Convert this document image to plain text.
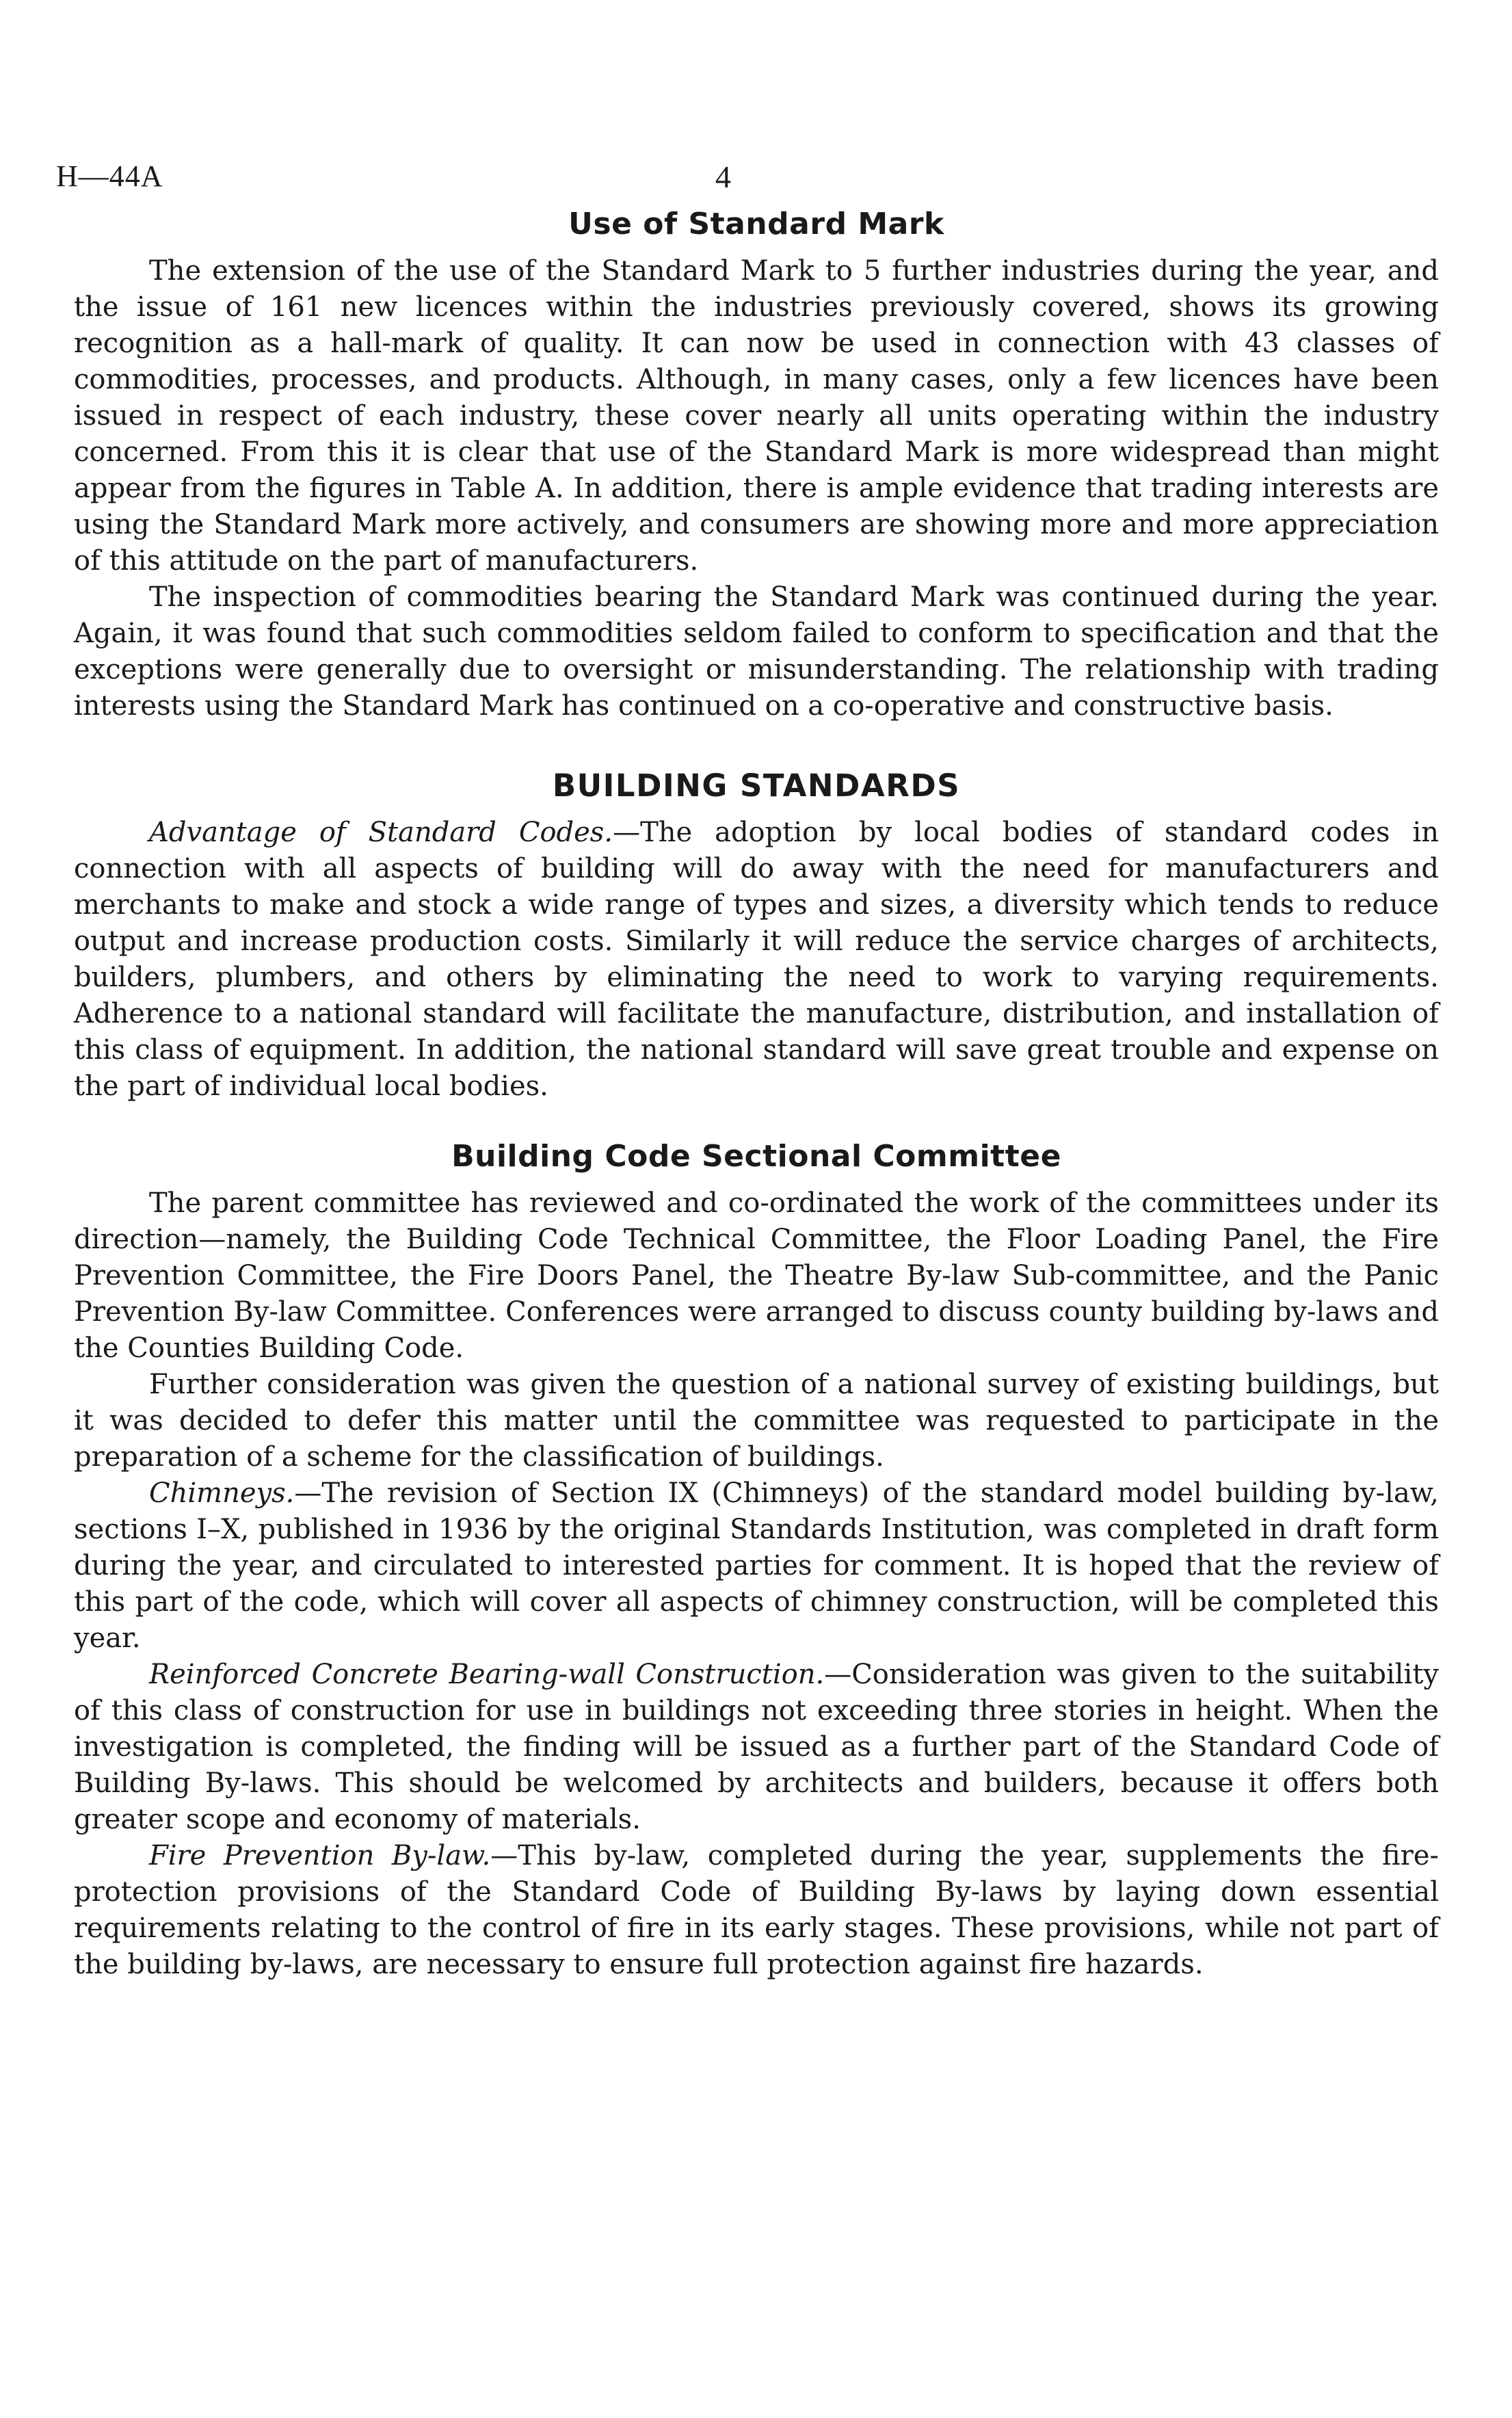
H—44A	4
Use of Standard Mark

The extension of the use of the Standard Mark to 5 further industries during the year, and the issue of 161 new licences within the industries previously covered, shows its growing recognition as a hall-mark of quality. It can now be used in connection with 43 classes of commodities, processes, and products. Although, in many cases, only a few licences have been issued in respect of each industry, these cover nearly all units operating within the industry concerned. From this it is clear that use of the Standard Mark is more widespread than might appear from the figures in Table A. In addition, there is ample evidence that trading interests are using the Standard Mark more actively, and consumers are showing more and more appreciation of this attitude on the part of manufacturers.

The inspection of commodities bearing the Standard Mark was continued during the year. Again, it was found that such commodities seldom failed to conform to specification and that the exceptions were generally due to oversight or misunderstanding. The relationship with trading interests using the Standard Mark has continued on a co-operative and constructive basis.

BUILDING STANDARDS

Advantage of Standard Codes.—The adoption by local bodies of standard codes in connection with all aspects of building will do away with the need for manufacturers and merchants to make and stock a wide range of types and sizes, a diversity which tends to reduce output and increase production costs. Similarly it will reduce the service charges of architects, builders, plumbers, and others by eliminating the need to work to varying requirements. Adherence to a national standard will facilitate the manufacture, distribution, and installation of this class of equipment. In addition, the national standard will save great trouble and expense on the part of individual local bodies.

Building Code Sectional Committee

The parent committee has reviewed and co-ordinated the work of the committees under its direction—namely, the Building Code Technical Committee, the Floor Loading Panel, the Fire Prevention Committee, the Fire Doors Panel, the Theatre By-law Sub-committee, and the Panic Prevention By-law Committee. Conferences were arranged to discuss county building by-laws and the Counties Building Code.

Further consideration was given the question of a national survey of existing buildings, but it was decided to defer this matter until the committee was requested to participate in the preparation of a scheme for the classification of buildings.

Chimneys.—The revision of Section IX (Chimneys) of the standard model building by-law, sections I–X, published in 1936 by the original Standards Institution, was completed in draft form during the year, and circulated to interested parties for comment. It is hoped that the review of this part of the code, which will cover all aspects of chimney construction, will be completed this year.

Reinforced Concrete Bearing-wall Construction.—Consideration was given to the suitability of this class of construction for use in buildings not exceeding three stories in height. When the investigation is completed, the finding will be issued as a further part of the Standard Code of Building By-laws. This should be welcomed by architects and builders, because it offers both greater scope and economy of materials.

Fire Prevention By-law.—This by-law, completed during the year, supplements the fire-protection provisions of the Standard Code of Building By-laws by laying down essential requirements relating to the control of fire in its early stages. These provisions, while not part of the building by-laws, are necessary to ensure full protection against fire hazards.
